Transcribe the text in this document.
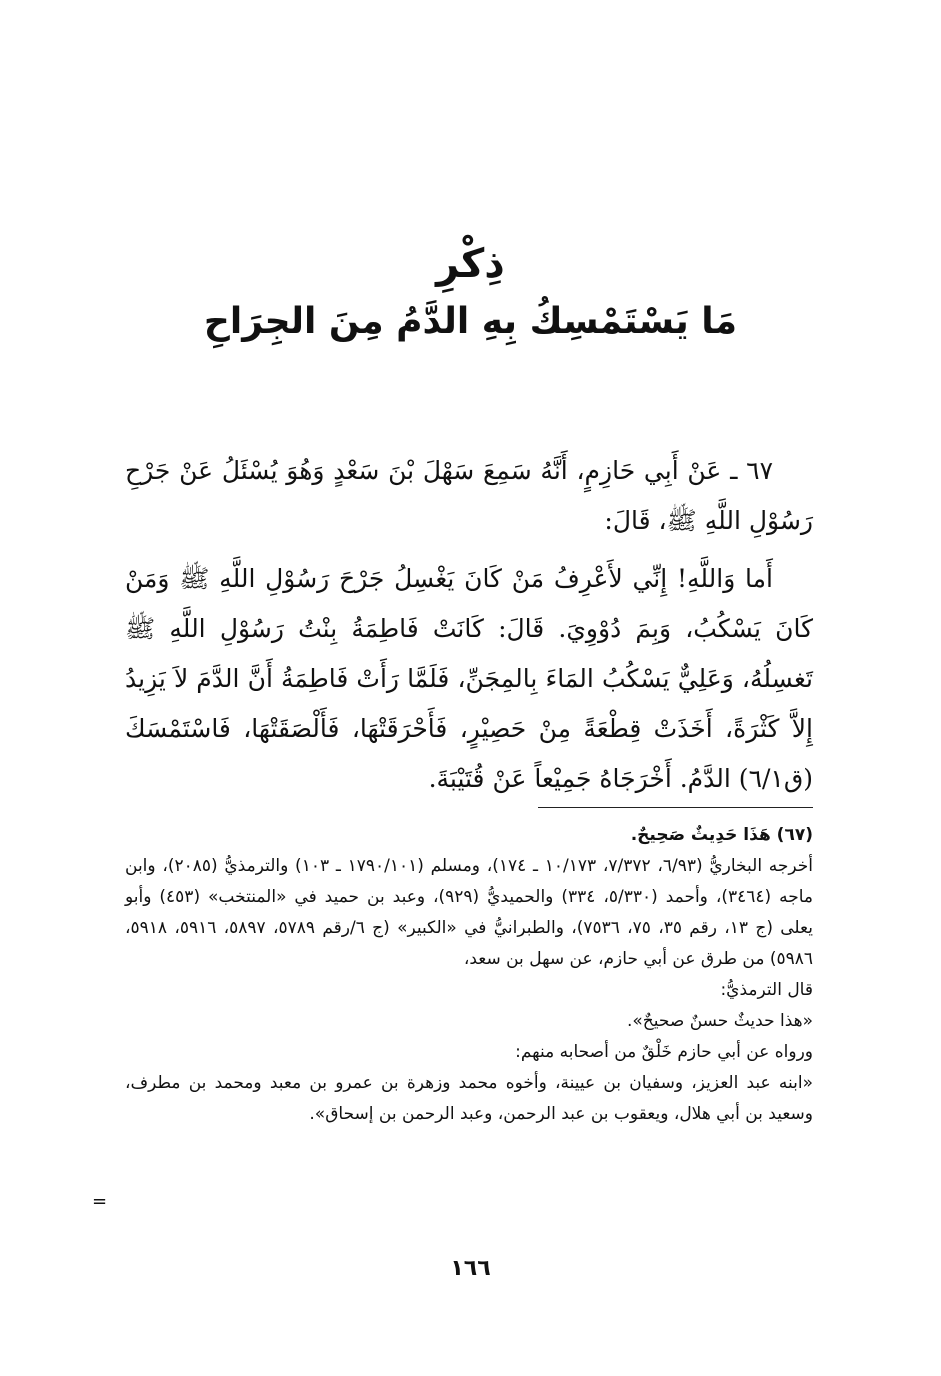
ذِكْرِ

مَا يَسْتَمْسِكُ بِهِ الدَّمُ مِنَ الجِرَاحِ

٦٧ ـ عَنْ أَبِي حَازِمٍ، أَنَّهُ سَمِعَ سَهْلَ بْنَ سَعْدٍ وَهُوَ يُسْئَلُ عَنْ جَرْحِ رَسُوْلِ اللَّهِ ﷺ، قَالَ:

أَما وَاللَّهِ! إِنِّي لأَعْرِفُ مَنْ كَانَ يَغْسِلُ جَرْحَ رَسُوْلِ اللَّهِ ﷺ وَمَنْ كَانَ يَسْكُبُ، وَبِمَ دُوْوِيَ. قَالَ: كَانَتْ فَاطِمَةُ بِنْتُ رَسُوْلِ اللَّهِ ﷺ تَغسِلُهُ، وَعَلِيٌّ يَسْكُبُ المَاءَ بِالمِجَنِّ، فَلَمَّا رَأَتْ فَاطِمَةُ أَنَّ الدَّمَ لاَ يَزِيدُ إِلاَّ كَثْرَةً، أَخَذَتْ قِطْعَةً مِنْ حَصِيْرٍ، فَأَحْرَقَتْهَا، فَأَلْصَقَتْهَا، فَاسْتَمْسَكَ (ق٦/١) الدَّمُ. أَخْرَجَاهُ جَمِيْعاً عَنْ قُتَيْبَةَ.

(٦٧) هَذَا حَدِيثٌ صَحِيحٌ.

أخرجه البخاريُّ (٦/٩٣، ٧/٣٧٢، ١٠/١٧٣ ـ ١٧٤)، ومسلم (١٧٩٠/١٠١ ـ ١٠٣) والترمذيُّ (٢٠٨٥)، وابن ماجه (٣٤٦٤)، وأحمد (٥/٣٣٠، ٣٣٤) والحميديُّ (٩٢٩)، وعبد بن حميد في «المنتخب» (٤٥٣) وأبو يعلى (ج ١٣، رقم ٣٥، ٧٥، ٧٥٣٦)، والطبرانيُّ في «الكبير» (ج ٦/رقم ٥٧٨٩، ٥٨٩٧، ٥٩١٦، ٥٩١٨، ٥٩٨٦) من طرق عن أبي حازم، عن سهل بن سعد،

قال الترمذيُّ:

«هذا حديثٌ حسنٌ صحيحٌ».

ورواه عن أبي حازم خَلْقٌ من أصحابه منهم:

«ابنه عبد العزيز، وسفيان بن عيينة، وأخوه محمد وزهرة بن عمرو بن معبد ومحمد بن مطرف، وسعيد بن أبي هلال، ويعقوب بن عبد الرحمن، وعبد الرحمن بن إسحاق».

=
١٦٦
